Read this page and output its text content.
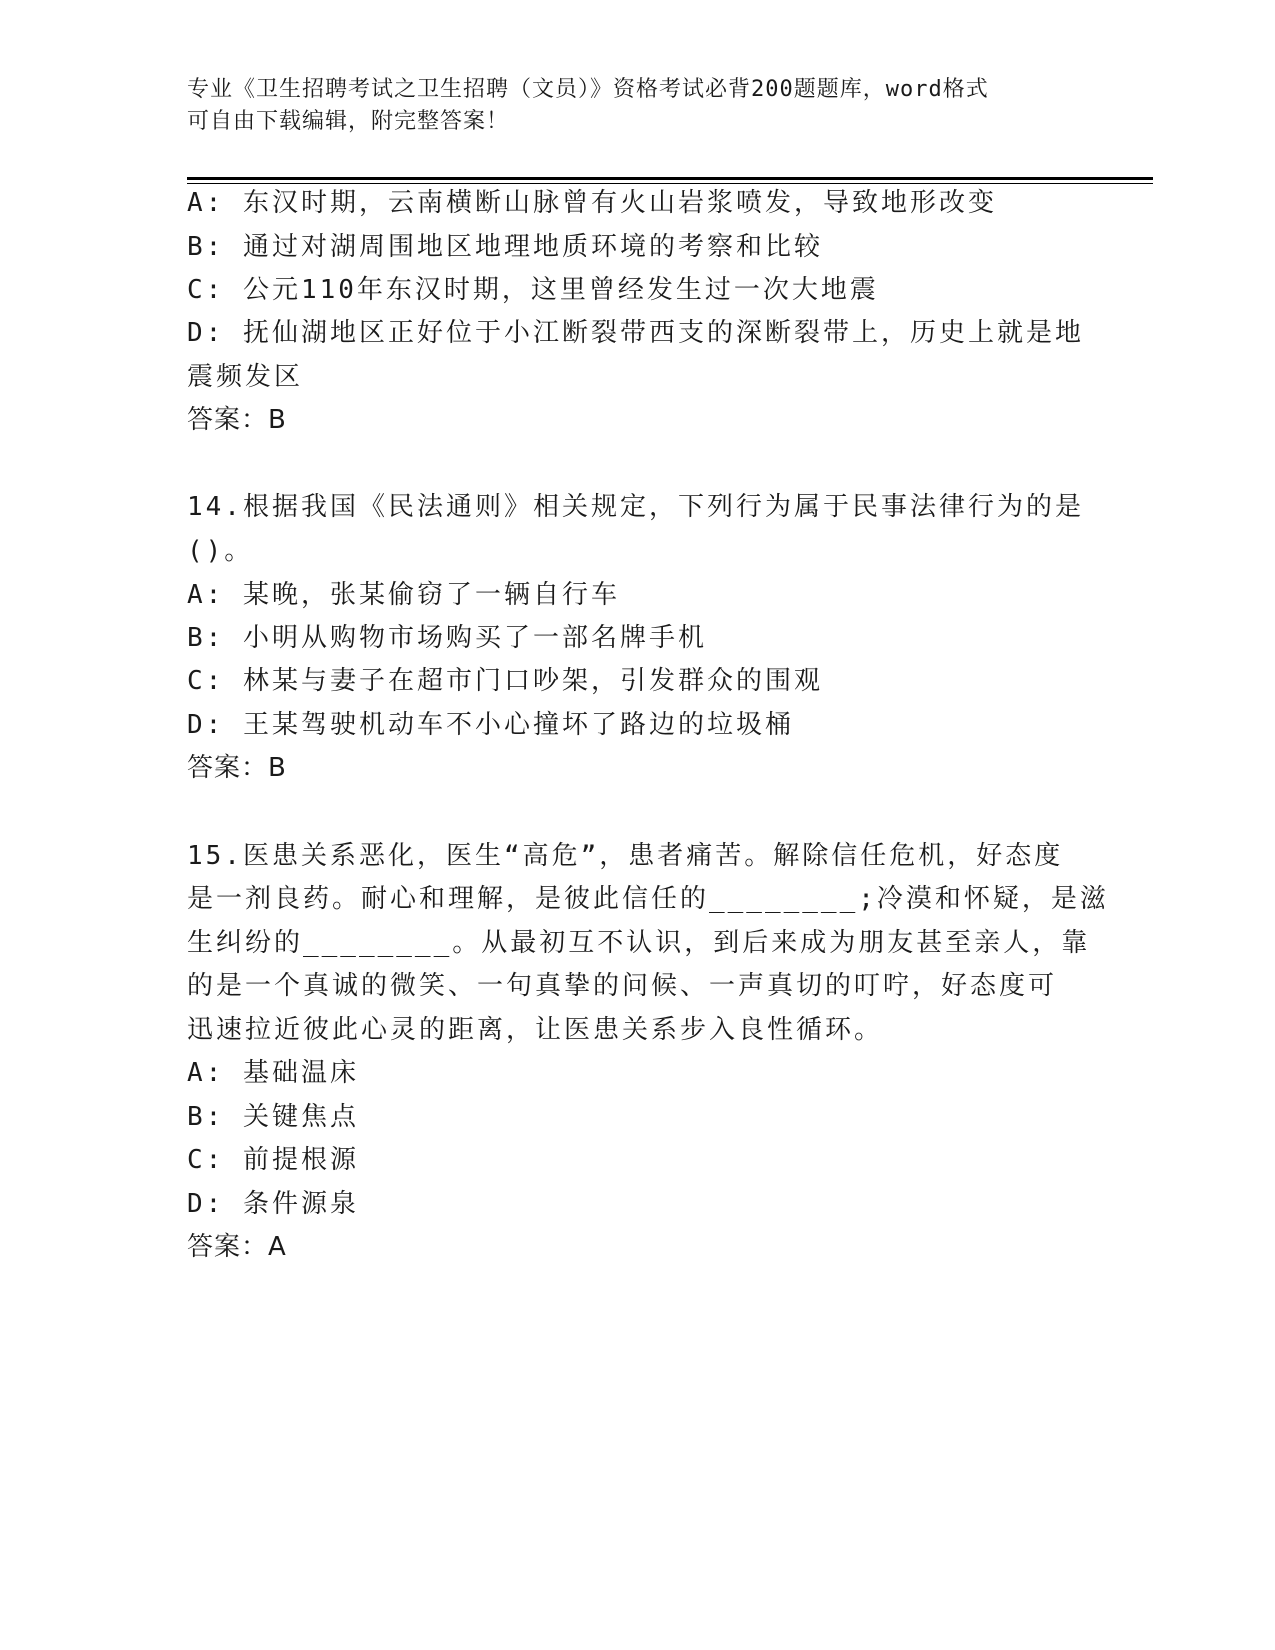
专业《卫生招聘考试之卫生招聘（文员）》资格考试必背200题题库，word格式
可自由下载编辑，附完整答案！
A: 东汉时期，云南横断山脉曾有火山岩浆喷发，导致地形改变
B: 通过对湖周围地区地理地质环境的考察和比较
C: 公元110年东汉时期，这里曾经发生过一次大地震
D: 抚仙湖地区正好位于小江断裂带西支的深断裂带上，历史上就是地
震频发区
答案：B
14.根据我国《民法通则》相关规定，下列行为属于民事法律行为的是
()。
A: 某晚，张某偷窃了一辆自行车
B: 小明从购物市场购买了一部名牌手机
C: 林某与妻子在超市门口吵架，引发群众的围观
D: 王某驾驶机动车不小心撞坏了路边的垃圾桶
答案：B
15.医患关系恶化，医生“高危”，患者痛苦。解除信任危机，好态度
是一剂良药。耐心和理解，是彼此信任的________;冷漠和怀疑，是滋
生纠纷的________。从最初互不认识，到后来成为朋友甚至亲人，靠
的是一个真诚的微笑、一句真挚的问候、一声真切的叮咛，好态度可
迅速拉近彼此心灵的距离，让医患关系步入良性循环。
A: 基础温床
B: 关键焦点
C: 前提根源
D: 条件源泉
答案：A
